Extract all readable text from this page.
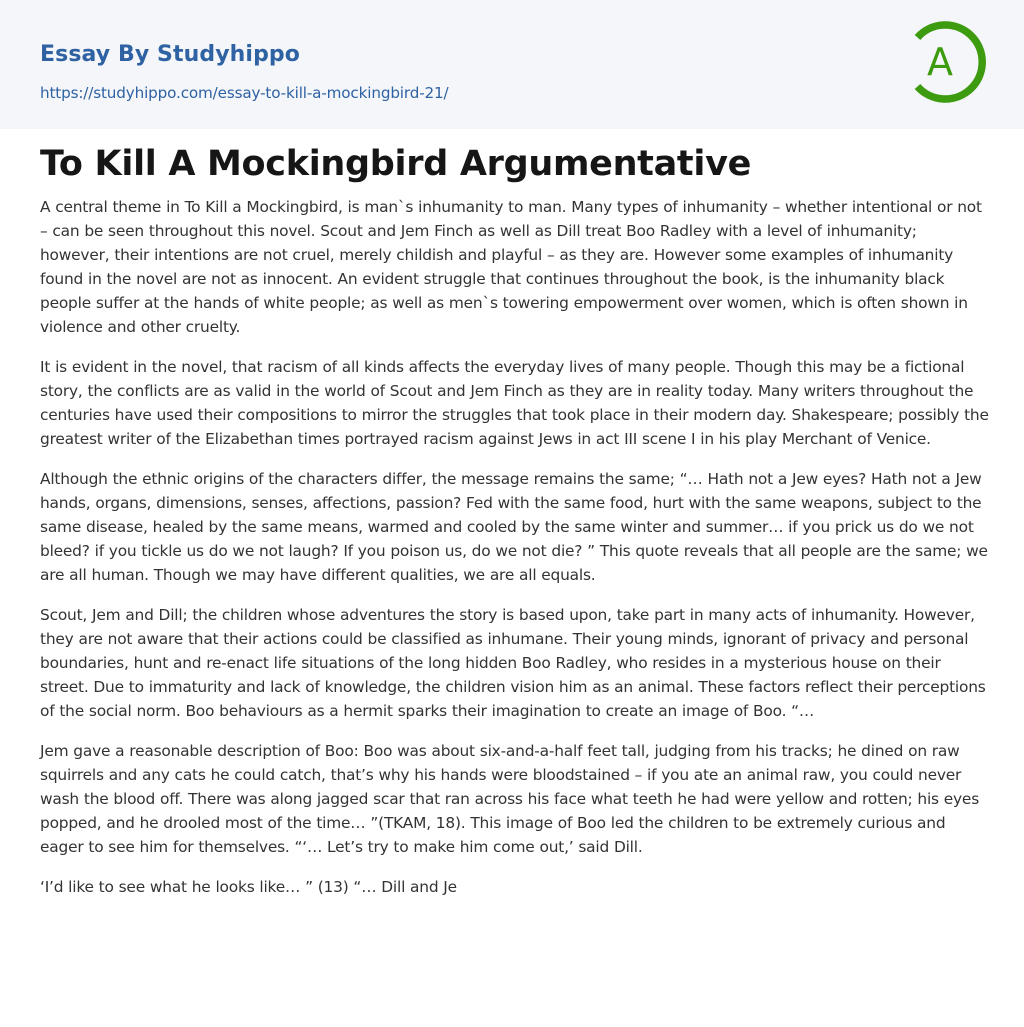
Essay By Studyhippo
https://studyhippo.com/essay-to-kill-a-mockingbird-21/
A
To Kill A Mockingbird Argumentative

A central theme in To Kill a Mockingbird, is man`s inhumanity to man. Many types of inhumanity – whether intentional or not – can be seen throughout this novel. Scout and Jem Finch as well as Dill treat Boo Radley with a level of inhumanity; however, their intentions are not cruel, merely childish and playful – as they are. However some examples of inhumanity found in the novel are not as innocent. An evident struggle that continues throughout the book, is the inhumanity black people suffer at the hands of white people; as well as men`s towering empowerment over women, which is often shown in violence and other cruelty.

It is evident in the novel, that racism of all kinds affects the everyday lives of many people. Though this may be a fictional story, the conflicts are as valid in the world of Scout and Jem Finch as they are in reality today. Many writers throughout the centuries have used their compositions to mirror the struggles that took place in their modern day. Shakespeare; possibly the greatest writer of the Elizabethan times portrayed racism against Jews in act III scene I in his play Merchant of Venice.

Although the ethnic origins of the characters differ, the message remains the same; “… Hath not a Jew eyes? Hath not a Jew hands, organs, dimensions, senses, affections, passion? Fed with the same food, hurt with the same weapons, subject to the same disease, healed by the same means, warmed and cooled by the same winter and summer… if you prick us do we not bleed? if you tickle us do we not laugh? If you poison us, do we not die? ” This quote reveals that all people are the same; we are all human. Though we may have different qualities, we are all equals.

Scout, Jem and Dill; the children whose adventures the story is based upon, take part in many acts of inhumanity. However, they are not aware that their actions could be classified as inhumane. Their young minds, ignorant of privacy and personal boundaries, hunt and re-enact life situations of the long hidden Boo Radley, who resides in a mysterious house on their street. Due to immaturity and lack of knowledge, the children vision him as an animal. These factors reflect their perceptions of the social norm. Boo behaviours as a hermit sparks their imagination to create an image of Boo. “…

Jem gave a reasonable description of Boo: Boo was about six-and-a-half feet tall, judging from his tracks; he dined on raw squirrels and any cats he could catch, that’s why his hands were bloodstained – if you ate an animal raw, you could never wash the blood off. There was along jagged scar that ran across his face what teeth he had were yellow and rotten; his eyes popped, and he drooled most of the time… ”(TKAM, 18). This image of Boo led the children to be extremely curious and eager to see him for themselves. “‘… Let’s try to make him come out,’ said Dill.

‘I’d like to see what he looks like… ” (13) “… Dill and Je
